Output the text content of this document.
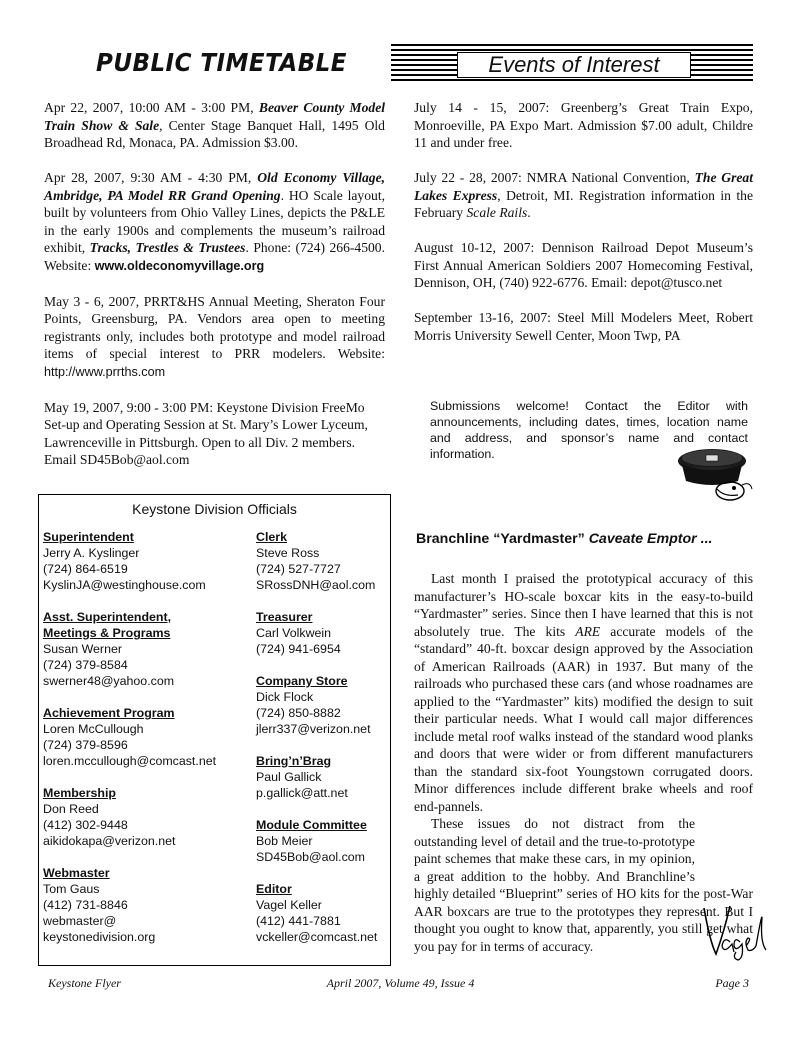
PUBLIC TIMETABLE	Events of Interest

Apr 22, 2007, 10:00 AM - 3:00 PM, Beaver County Model Train Show & Sale, Center Stage Banquet Hall, 1495 Old Broadhead Rd, Monaca, PA. Admission $3.00.

Apr 28, 2007, 9:30 AM - 4:30 PM, Old Economy Village, Ambridge, PA Model RR Grand Opening. HO Scale layout, built by volunteers from Ohio Valley Lines, depicts the P&LE in the early 1900s and complements the museum’s railroad exhibit, Tracks, Trestles & Trustees. Phone: (724) 266-4500. Website: www.oldeconomyvillage.org

May 3 - 6, 2007, PRRT&HS Annual Meeting, Sheraton Four Points, Greensburg, PA. Vendors area open to meeting registrants only, includes both prototype and model railroad items of special interest to PRR modelers. Website: http://www.prrths.com

May 19, 2007, 9:00 - 3:00 PM: Keystone Division FreeMo Set-up and Operating Session at St. Mary’s Lower Lyceum, Lawrenceville in Pittsburgh. Open to all Div. 2 members. Email SD45Bob@aol.com

July 14 - 15, 2007: Greenberg’s Great Train Expo, Monroeville, PA Expo Mart. Admission $7.00 adult, Childre 11 and under free.

July 22 - 28, 2007: NMRA National Convention, The Great Lakes Express, Detroit, MI. Registration information in the February Scale Rails.

August 10-12, 2007: Dennison Railroad Depot Museum’s First Annual American Soldiers 2007 Homecoming Festival, Dennison, OH, (740) 922-6776. Email: depot@tusco.net

September 13-16, 2007: Steel Mill Modelers Meet, Robert Morris University Sewell Center, Moon Twp, PA

Submissions welcome! Contact the Editor with announcements, including dates, times, location name and address, and sponsor’s name and contact information.
Keystone Division Officials
Superintendent
Jerry A. Kyslinger
(724) 864-6519
KyslinJA@westinghouse.com
Asst. Superintendent,
Meetings & Programs
Susan Werner
(724) 379-8584
swerner48@yahoo.com
Achievement Program
Loren McCullough
(724) 379-8596
loren.mccullough@comcast.net
Membership
Don Reed
(412) 302-9448
aikidokapa@verizon.net
Webmaster
Tom Gaus
(412) 731-8846
webmaster@
keystonedivision.org
Clerk
Steve Ross
(724) 527-7727
SRossDNH@aol.com
Treasurer
Carl Volkwein
(724) 941-6954
Company Store
Dick Flock
(724) 850-8882
jlerr337@verizon.net
Bring’n’Brag
Paul Gallick
p.gallick@att.net
Module Committee
Bob Meier
SD45Bob@aol.com
Editor
Vagel Keller
(412) 441-7881
vckeller@comcast.net
Branchline “Yardmaster” Caveate Emptor ...

Last month I praised the prototypical accuracy of this manufacturer’s HO-scale boxcar kits in the easy-to-build “Yardmaster” series. Since then I have learned that this is not absolutely true. The kits ARE accurate models of the “standard” 40-ft. boxcar design approved by the Association of American Railroads (AAR) in 1937. But many of the railroads who purchased these cars (and whose roadnames are applied to the “Yardmaster” kits) modified the design to suit their particular needs. What I would call major differences include metal roof walks instead of the standard wood planks and doors that were wider or from different manufacturers than the standard six-foot Youngstown corrugated doors. Minor differences include different brake wheels and roof end-pannels.

These issues do not distract from the outstanding level of detail and the true-to-prototype paint schemes that make these cars, in my opinion, a great addition to the hobby. And Branchline’s highly detailed “Blueprint” series of HO kits for the post-War AAR boxcars are true to the prototypes they represent. But I thought you ought to know that, apparently, you still get what you pay for in terms of accuracy.

Keystone Flyer	April 2007, Volume 49, Issue 4	Page 3
